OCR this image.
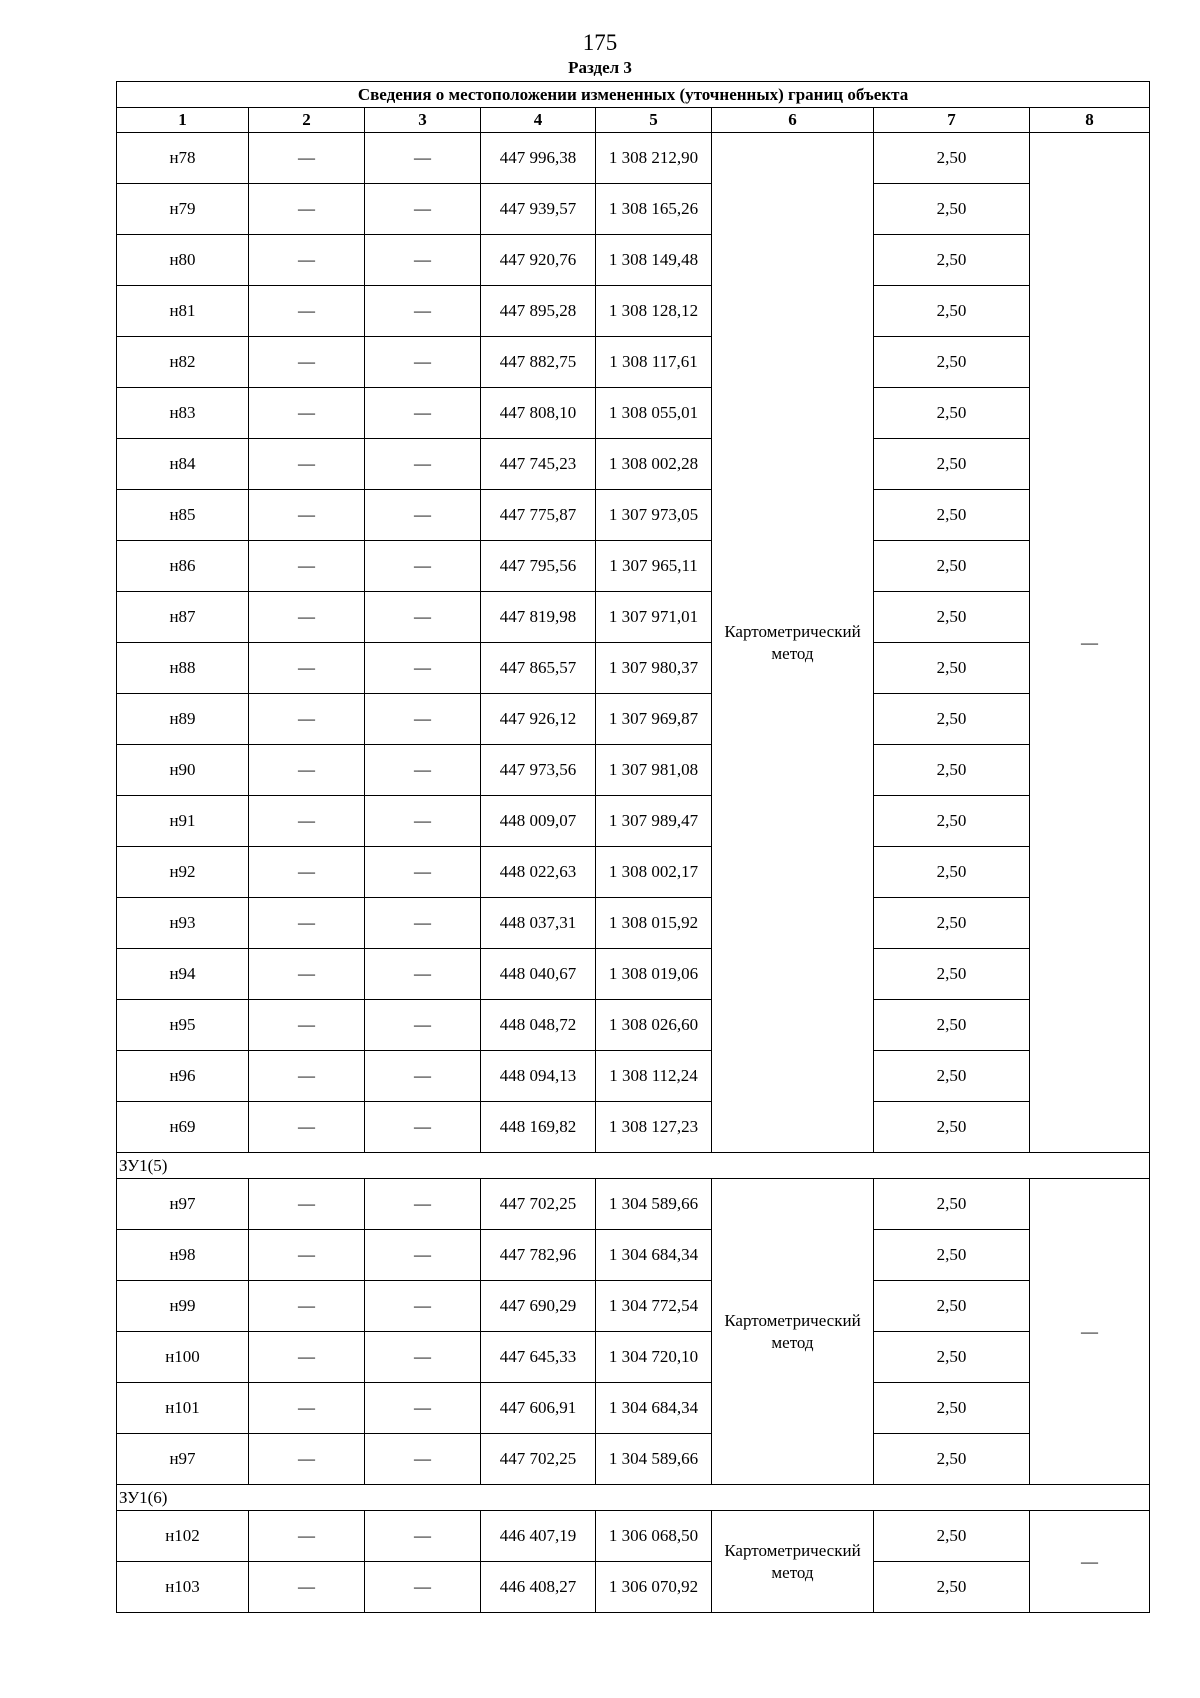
175
Раздел 3
Сведения о местоположении измененных (уточненных) границ объекта							
1	2	3	4	5	6	7	8
н78	—	—	447 996,38	1 308 212,90	Картометрический метод	2,50	—
н79	—	—	447 939,57	1 308 165,26		2,50	
н80	—	—	447 920,76	1 308 149,48		2,50	
н81	—	—	447 895,28	1 308 128,12		2,50	
н82	—	—	447 882,75	1 308 117,61		2,50	
н83	—	—	447 808,10	1 308 055,01		2,50	
н84	—	—	447 745,23	1 308 002,28		2,50	
н85	—	—	447 775,87	1 307 973,05		2,50	
н86	—	—	447 795,56	1 307 965,11		2,50	
н87	—	—	447 819,98	1 307 971,01		2,50	
н88	—	—	447 865,57	1 307 980,37		2,50	
н89	—	—	447 926,12	1 307 969,87		2,50	
н90	—	—	447 973,56	1 307 981,08		2,50	
н91	—	—	448 009,07	1 307 989,47		2,50	
н92	—	—	448 022,63	1 308 002,17		2,50	
н93	—	—	448 037,31	1 308 015,92		2,50	
н94	—	—	448 040,67	1 308 019,06		2,50	
н95	—	—	448 048,72	1 308 026,60		2,50	
н96	—	—	448 094,13	1 308 112,24		2,50	
н69	—	—	448 169,82	1 308 127,23		2,50	
ЗУ1(5)							
н97	—	—	447 702,25	1 304 589,66	Картометрический метод	2,50	—
н98	—	—	447 782,96	1 304 684,34		2,50	
н99	—	—	447 690,29	1 304 772,54		2,50	
н100	—	—	447 645,33	1 304 720,10		2,50	
н101	—	—	447 606,91	1 304 684,34		2,50	
н97	—	—	447 702,25	1 304 589,66		2,50	
ЗУ1(6)							
н102	—	—	446 407,19	1 306 068,50	Картометрический метод	2,50	—
н103	—	—	446 408,27	1 306 070,92		2,50	
